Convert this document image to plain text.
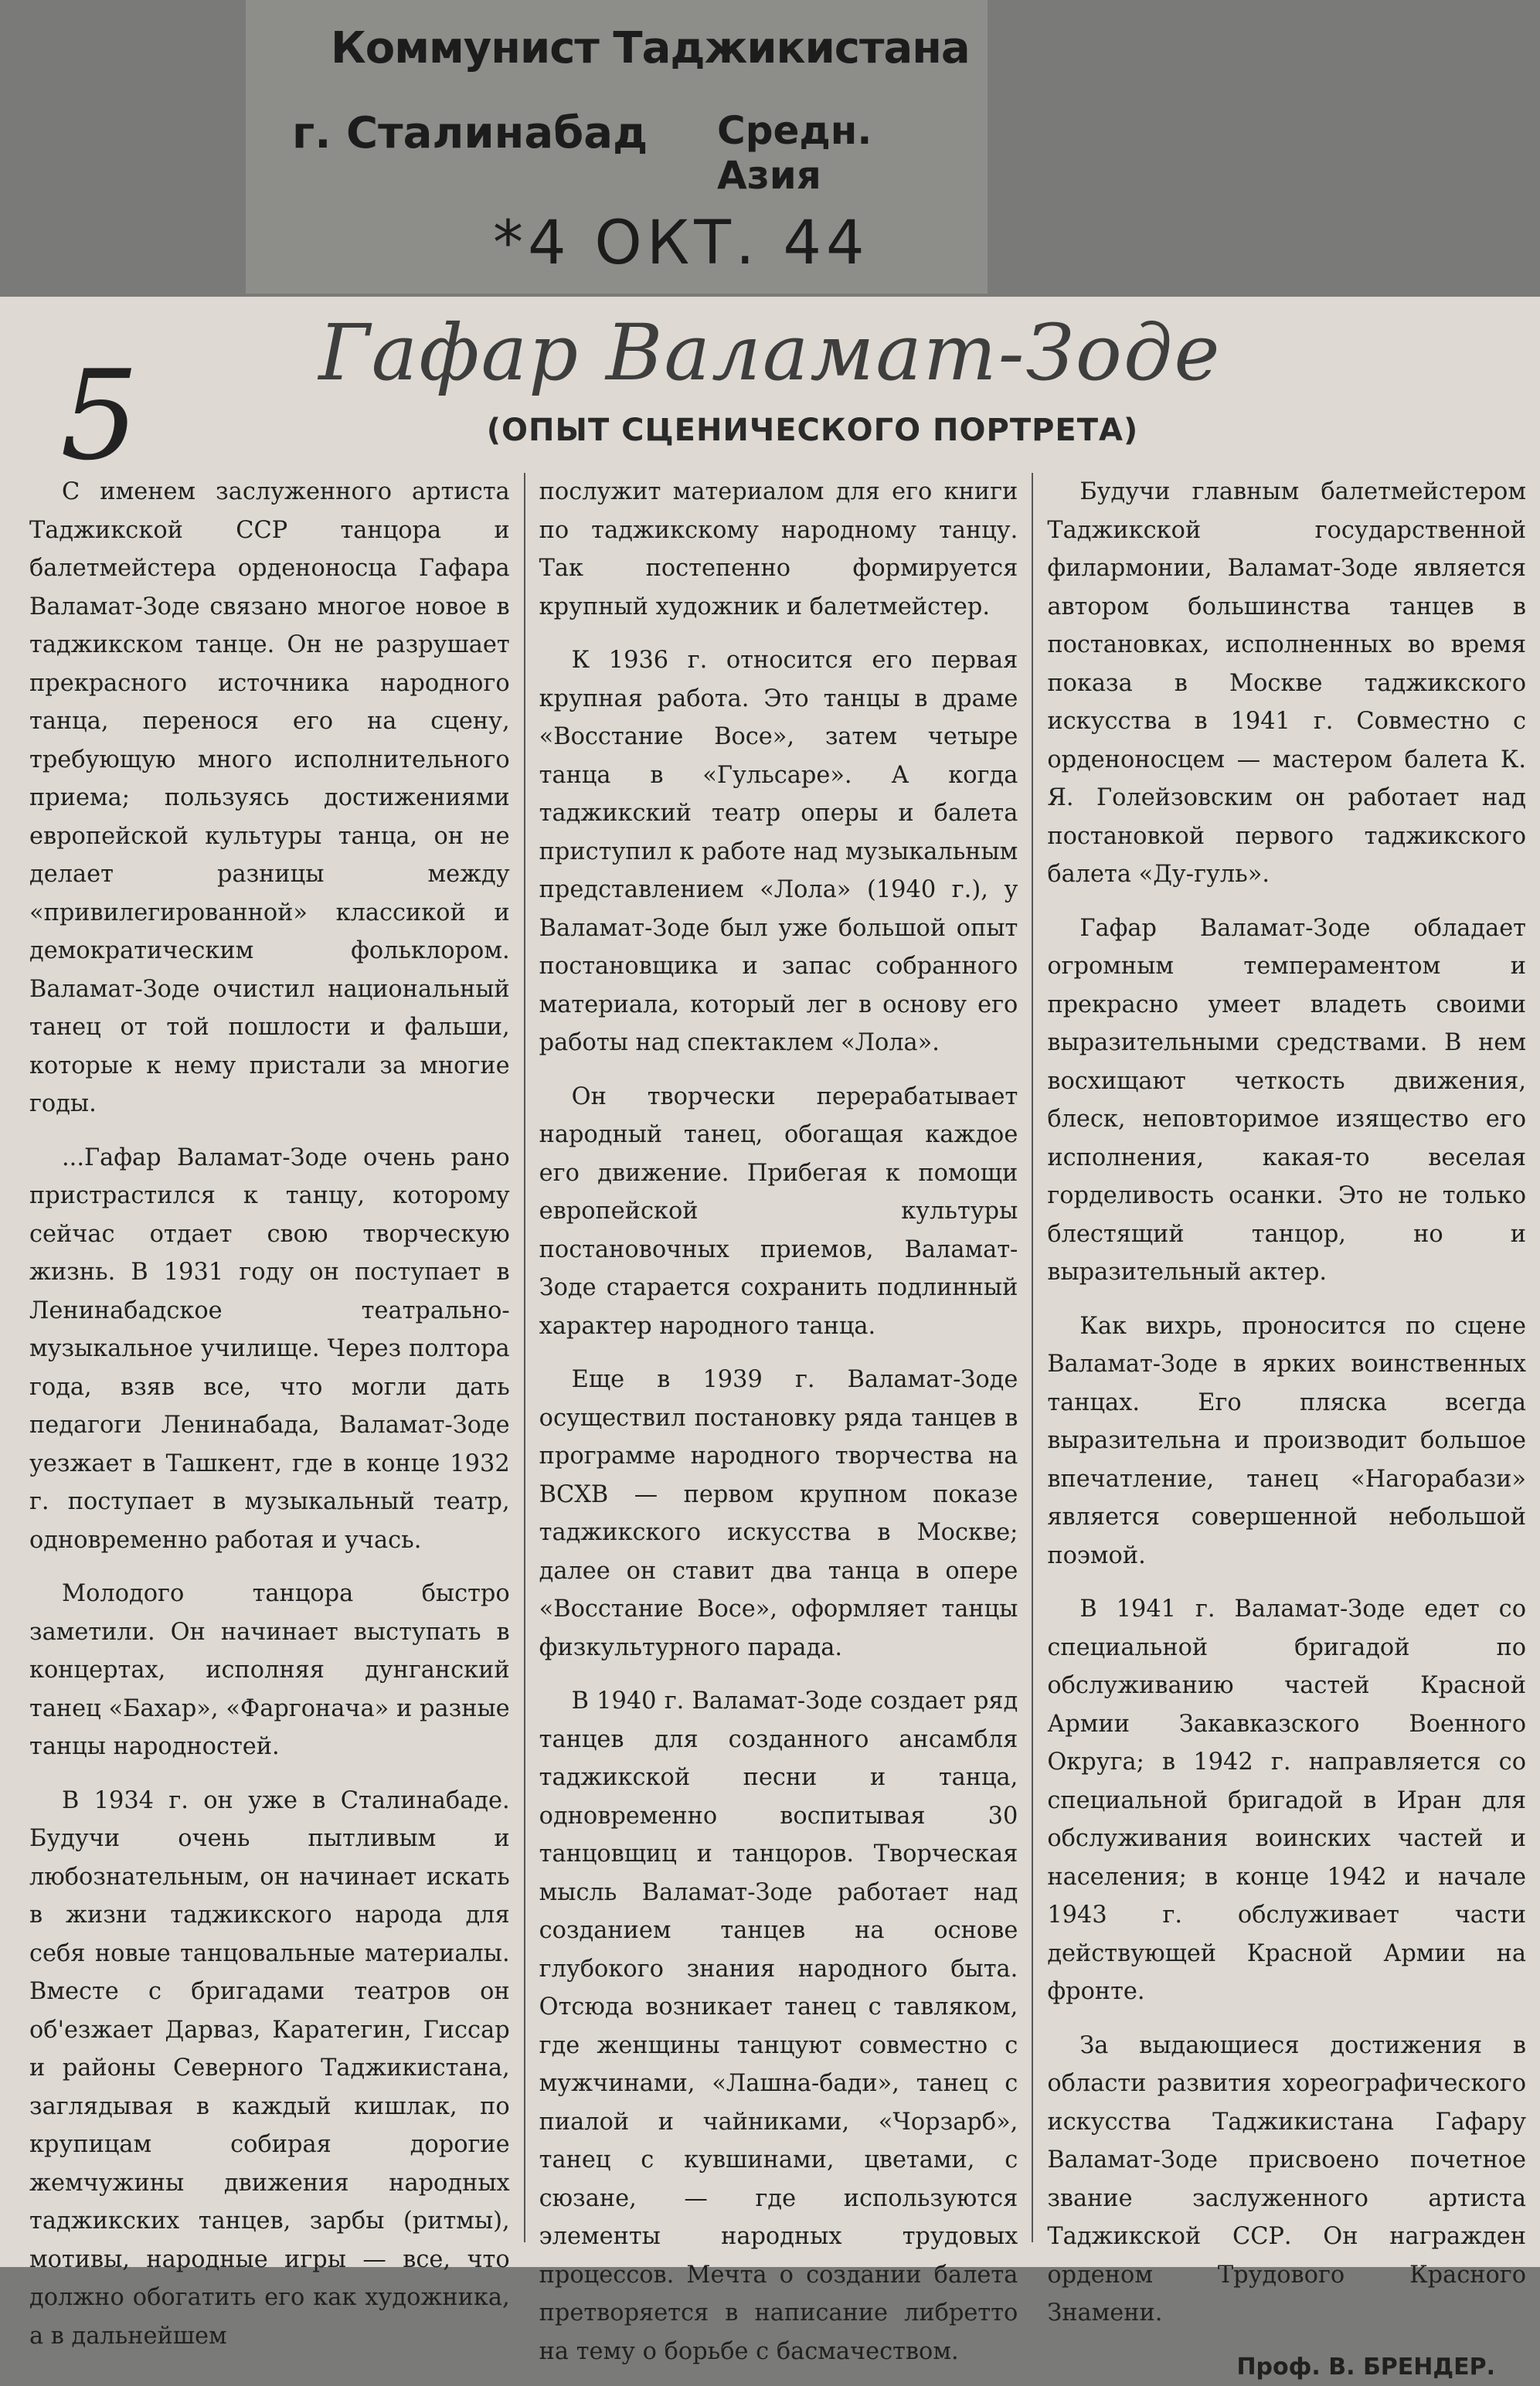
Коммунист Таджикистана
г. Сталинабад Средн. Азия
*4 ОКТ. 44
5	Гафар Валамат-Зоде
(ОПЫТ СЦЕНИЧЕСКОГО ПОРТРЕТА)

С именем заслуженного артиста Таджикской ССР танцора и балетмейстера орденоносца Гафара Валамат-Зоде связано многое новое в таджикском танце. Он не разрушает прекрасного источника народного танца, перенося его на сцену, требующую много исполнительного приема; пользуясь достижениями европейской культуры танца, он не делает разницы между «привилегированной» классикой и демократическим фольклором. Валамат-Зоде очистил национальный танец от той пошлости и фальши, которые к нему пристали за многие годы.

...Гафар Валамат-Зоде очень рано пристрастился к танцу, которому сейчас отдает свою творческую жизнь. В 1931 году он поступает в Ленинабадское театрально-музыкальное училище. Через полтора года, взяв все, что могли дать педагоги Ленинабада, Валамат-Зоде уезжает в Ташкент, где в конце 1932 г. поступает в музыкальный театр, одновременно работая и учась.

Молодого танцора быстро заметили. Он начинает выступать в концертах, исполняя дунганский танец «Бахар», «Фаргонача» и разные танцы народностей.

В 1934 г. он уже в Сталинабаде. Будучи очень пытливым и любознательным, он начинает искать в жизни таджикского народа для себя новые танцовальные материалы. Вместе с бригадами театров он об'езжает Дарваз, Каратегин, Гиссар и районы Северного Таджикистана, заглядывая в каждый кишлак, по крупицам собирая дорогие жемчужины движения народных таджикских танцев, зарбы (ритмы), мотивы, народные игры — все, что должно обогатить его как художника, а в дальнейшем

послужит материалом для его книги по таджикскому народному танцу. Так постепенно формируется крупный художник и балетмейстер.

К 1936 г. относится его первая крупная работа. Это танцы в драме «Восстание Восе», затем четыре танца в «Гульсаре». А когда таджикский театр оперы и балета приступил к работе над музыкальным представлением «Лола» (1940 г.), у Валамат-Зоде был уже большой опыт постановщика и запас собранного материала, который лег в основу его работы над спектаклем «Лола».

Он творчески перерабатывает народный танец, обогащая каждое его движение. Прибегая к помощи европейской культуры постановочных приемов, Валамат-Зоде старается сохранить подлинный характер народного танца.

Еще в 1939 г. Валамат-Зоде осуществил постановку ряда танцев в программе народного творчества на ВСХВ — первом крупном показе таджикского искусства в Москве; далее он ставит два танца в опере «Восстание Восе», оформляет танцы физкультурного парада.

В 1940 г. Валамат-Зоде создает ряд танцев для созданного ансамбля таджикской песни и танца, одновременно воспитывая 30 танцовщиц и танцоров. Творческая мысль Валамат-Зоде работает над созданием танцев на основе глубокого знания народного быта. Отсюда возникает танец с тавляком, где женщины танцуют совместно с мужчинами, «Лашна-бади», танец с пиалой и чайниками, «Чорзарб», танец с кувшинами, цветами, с сюзане, — где используются элементы народных трудовых процессов. Мечта о создании балета претворяется в написание либретто на тему о борьбе с басмачеством.

Будучи главным балетмейстером Таджикской государственной филармонии, Валамат-Зоде является автором большинства танцев в постановках, исполненных во время показа в Москве таджикского искусства в 1941 г. Совместно с орденоносцем — мастером балета К. Я. Голейзовским он работает над постановкой первого таджикского балета «Ду-гуль».

Гафар Валамат-Зоде обладает огромным темпераментом и прекрасно умеет владеть своими выразительными средствами. В нем восхищают четкость движения, блеск, неповторимое изящество его исполнения, какая-то веселая горделивость осанки. Это не только блестящий танцор, но и выразительный актер.

Как вихрь, проносится по сцене Валамат-Зоде в ярких воинственных танцах. Его пляска всегда выразительна и производит большое впечатление, танец «Нагорабази» является совершенной небольшой поэмой.

В 1941 г. Валамат-Зоде едет со специальной бригадой по обслуживанию частей Красной Армии Закавказского Военного Округа; в 1942 г. направляется со специальной бригадой в Иран для обслуживания воинских частей и населения; в конце 1942 и начале 1943 г. обслуживает части действующей Красной Армии на фронте.

За выдающиеся достижения в области развития хореографического искусства Таджикистана Гафару Валамат-Зоде присвоено почетное звание заслуженного артиста Таджикской ССР. Он награжден орденом Трудового Красного Знамени.

Проф. В. БРЕНДЕР.
